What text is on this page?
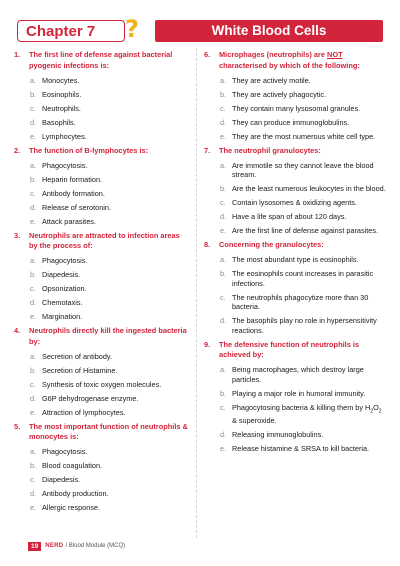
Chapter 7 ?	White Blood Cells
1.	The first line of defense against bacterial pyogenic infections is:
a. Monocytes.
b. Eosinophils.
c. Neutrophils.
d. Basophils.
e. Lymphocytes.
2.	The function of B-lymphocytes is:
a. Phagocytosis.
b. Heparin formation.
c. Antibody formation.
d. Release of serotonin.
e. Attack parasites.
3.	Neutrophils are attracted to infection areas by the process of:
a. Phagocytosis.
b. Diapedesis.
c. Opsonization.
d. Chemotaxis.
e. Margination.
4.	Neutrophils directly kill the ingested bacteria by:
a. Secretion of antibody.
b. Secretion of Histamine.
c. Synthesis of toxic oxygen molecules.
d. G6P dehydrogenase enzyme.
e. Attraction of lymphocytes.
5.	The most important function of neutrophils & monocytes is:
a. Phagocytosis.
b. Blood coagulation.
c. Diapedesis.
d. Antibody production.
e. Allergic response.
6.	Microphages (neutrophils) are NOT characterised by which of the following:
a. They are actively motile.
b. They are actively phagocytic.
c. They contain many lysosomal granules.
d. They can produce immunoglobulins.
e. They are the most numerous white cell type.
7.	The neutrophil granulocytes:
a. Are immotile so they cannot leave the blood stream.
b. Are the least numerous leukocytes in the blood.
c. Contain lysosomes & oxidizing agents.
d. Have a life span of about 120 days.
e. Are the first line of defense against parasites.
8.	Concerning the granulocytes:
a. The most abundant type is eosinophils.
b. The eosinophils count increases in parasitic infections.
c. The neutrophils phagocytize more than 30 bacteria.
d. The basophils play no role in hypersensitivity reactions.
9.	The defensive function of neutrophils is achieved by:
a. Being macrophages, which destroy large particles.
b. Playing a major role in humoral immunity.
c. Phagocytosing bacteria & killing them by $H_2O_2$ & superoxide.
d. Releasing immunoglobulins.
e. Release histamine & SRSA to kill bacteria.
19	NERD / Blood Module (MCQ)
